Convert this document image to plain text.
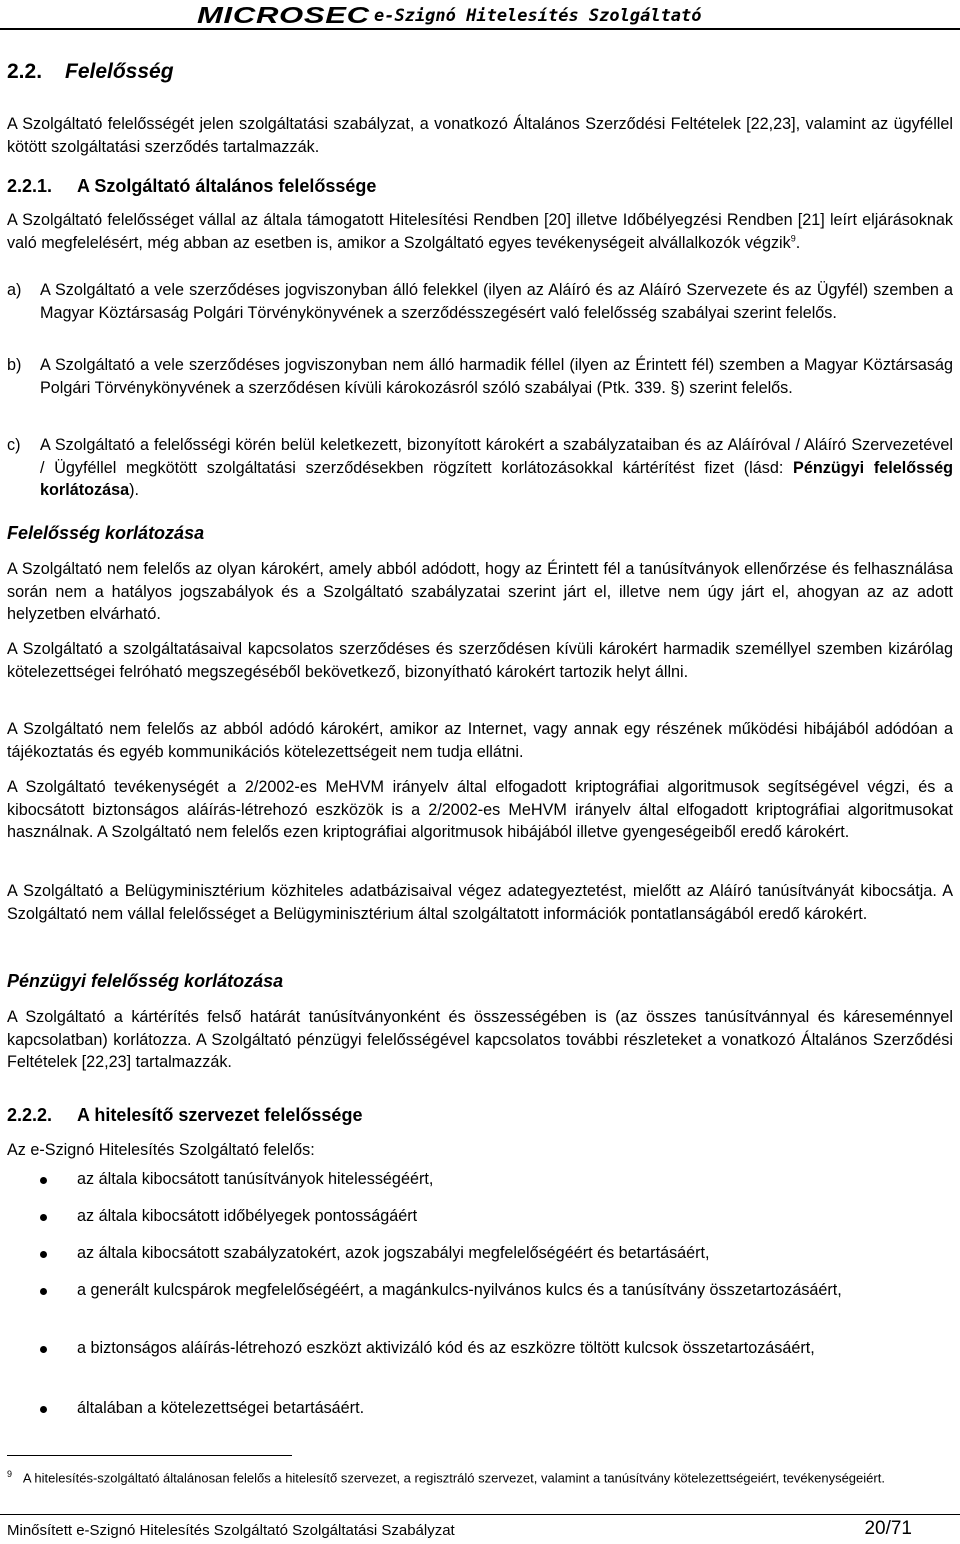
MICROSEC e-Szignó Hitelesítés Szolgáltató
2.2. Felelősség

A Szolgáltató felelősségét jelen szolgáltatási szabályzat, a vonatkozó Általános Szerződési Feltételek [22,23], valamint az ügyféllel kötött szolgáltatási szerződés tartalmazzák.

2.2.1. A Szolgáltató általános felelőssége

A Szolgáltató felelősséget vállal az általa támogatott Hitelesítési Rendben [20] illetve Időbélyegzési Rendben [21] leírt eljárásoknak való megfelelésért, még abban az esetben is, amikor a Szolgáltató egyes tevékenységeit alvállalkozók végzik$^9$.

a) A Szolgáltató a vele szerződéses jogviszonyban álló felekkel (ilyen az Aláíró és az Aláíró Szervezete és az Ügyfél) szemben a Magyar Köztársaság Polgári Törvénykönyvének a szerződésszegésért való felelősség szabályai szerint felelős.
b) A Szolgáltató a vele szerződéses jogviszonyban nem álló harmadik féllel (ilyen az Érintett fél) szemben a Magyar Köztársaság Polgári Törvénykönyvének a szerződésen kívüli károkozásról szóló szabályai (Ptk. 339. §) szerint felelős.
c) A Szolgáltató a felelősségi körén belül keletkezett, bizonyított károkért a szabályzataiban és az Aláíróval / Aláíró Szervezetével / Ügyféllel megkötött szolgáltatási szerződésekben rögzített korlátozásokkal kártérítést fizet (lásd: Pénzügyi felelősség korlátozása).
Felelősség korlátozása

A Szolgáltató nem felelős az olyan károkért, amely abból adódott, hogy az Érintett fél a tanúsítványok ellenőrzése és felhasználása során nem a hatályos jogszabályok és a Szolgáltató szabályzatai szerint járt el, illetve nem úgy járt el, ahogyan az az adott helyzetben elvárható.

A Szolgáltató a szolgáltatásaival kapcsolatos szerződéses és szerződésen kívüli károkért harmadik személlyel szemben kizárólag kötelezettségei felróható megszegéséből bekövetkező, bizonyítható károkért tartozik helyt állni.

A Szolgáltató nem felelős az abból adódó károkért, amikor az Internet, vagy annak egy részének működési hibájából adódóan a tájékoztatás és egyéb kommunikációs kötelezettségeit nem tudja ellátni.

A Szolgáltató tevékenységét a 2/2002-es MeHVM irányelv által elfogadott kriptográfiai algoritmusok segítségével végzi, és a kibocsátott biztonságos aláírás-létrehozó eszközök is a 2/2002-es MeHVM irányelv által elfogadott kriptográfiai algoritmusokat használnak. A Szolgáltató nem felelős ezen kriptográfiai algoritmusok hibájából illetve gyengeségeiből eredő károkért.

A Szolgáltató a Belügyminisztérium közhiteles adatbázisaival végez adategyeztetést, mielőtt az Aláíró tanúsítványát kibocsátja. A Szolgáltató nem vállal felelősséget a Belügyminisztérium által szolgáltatott információk pontatlanságából eredő károkért.

Pénzügyi felelősség korlátozása

A Szolgáltató a kártérítés felső határát tanúsítványonként és összességében is (az összes tanúsítvánnyal és káreseménnyel kapcsolatban) korlátozza. A Szolgáltató pénzügyi felelősségével kapcsolatos további részleteket a vonatkozó Általános Szerződési Feltételek [22,23] tartalmazzák.

2.2.2. A hitelesítő szervezet felelőssége

Az e-Szignó Hitelesítés Szolgáltató felelős:

az általa kibocsátott tanúsítványok hitelességéért,
az általa kibocsátott időbélyegek pontosságáért
az általa kibocsátott szabályzatokért, azok jogszabályi megfelelőségéért és betartásáért,
a generált kulcspárok megfelelőségéért, a magánkulcs-nyilvános kulcs és a tanúsítvány összetartozásáért,
a biztonságos aláírás-létrehozó eszközt aktivizáló kód és az eszközre töltött kulcsok összetartozásáért,
általában a kötelezettségei betartásáért.
$^9$ A hitelesítés-szolgáltató általánosan felelős a hitelesítő szervezet, a regisztráló szervezet, valamint a tanúsítvány kötelezettségeiért, tevékenységeiért.
Minősített e-Szignó Hitelesítés Szolgáltató Szolgáltatási Szabályzat	20/71
